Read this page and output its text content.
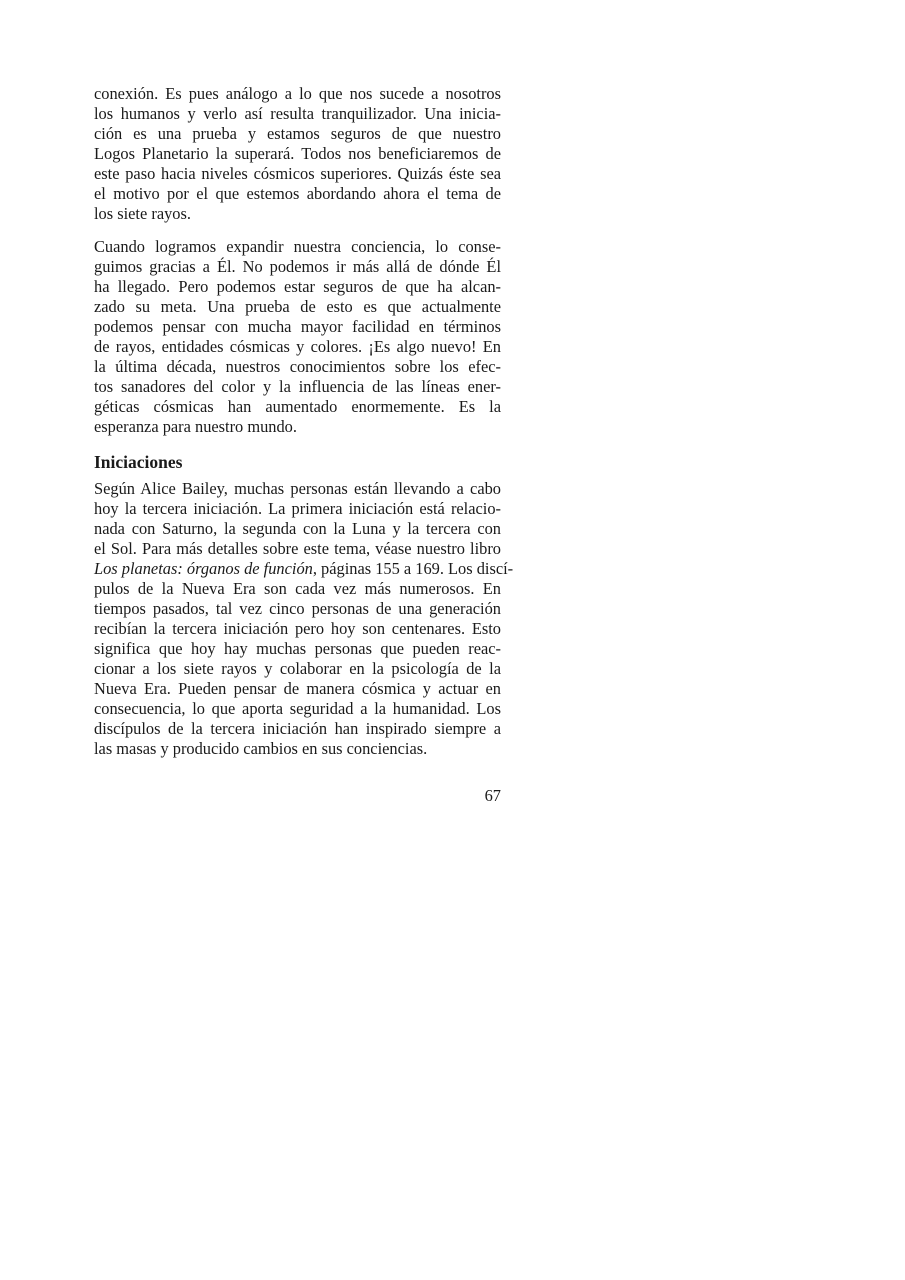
conexión. Es pues análogo a lo que nos sucede a nosotros
los humanos y verlo así resulta tranquilizador. Una inicia-
ción es una prueba y estamos seguros de que nuestro
Logos Planetario la superará. Todos nos beneficiaremos de
este paso hacia niveles cósmicos superiores. Quizás éste sea
el motivo por el que estemos abordando ahora el tema de
los siete rayos.
Cuando logramos expandir nuestra conciencia, lo conse-
guimos gracias a Él. No podemos ir más allá de dónde Él
ha llegado. Pero podemos estar seguros de que ha alcan-
zado su meta. Una prueba de esto es que actualmente
podemos pensar con mucha mayor facilidad en términos
de rayos, entidades cósmicas y colores. ¡Es algo nuevo! En
la última década, nuestros conocimientos sobre los efec-
tos sanadores del color y la influencia de las líneas ener-
géticas cósmicas han aumentado enormemente. Es la
esperanza para nuestro mundo.
Iniciaciones
Según Alice Bailey, muchas personas están llevando a cabo
hoy la tercera iniciación. La primera iniciación está relacio-
nada con Saturno, la segunda con la Luna y la tercera con
el Sol. Para más detalles sobre este tema, véase nuestro libro
Los planetas: órganos de función, páginas 155 a 169. Los discí-
pulos de la Nueva Era son cada vez más numerosos. En
tiempos pasados, tal vez cinco personas de una generación
recibían la tercera iniciación pero hoy son centenares. Esto
significa que hoy hay muchas personas que pueden reac-
cionar a los siete rayos y colaborar en la psicología de la
Nueva Era. Pueden pensar de manera cósmica y actuar en
consecuencia, lo que aporta seguridad a la humanidad. Los
discípulos de la tercera iniciación han inspirado siempre a
las masas y producido cambios en sus conciencias.
67
